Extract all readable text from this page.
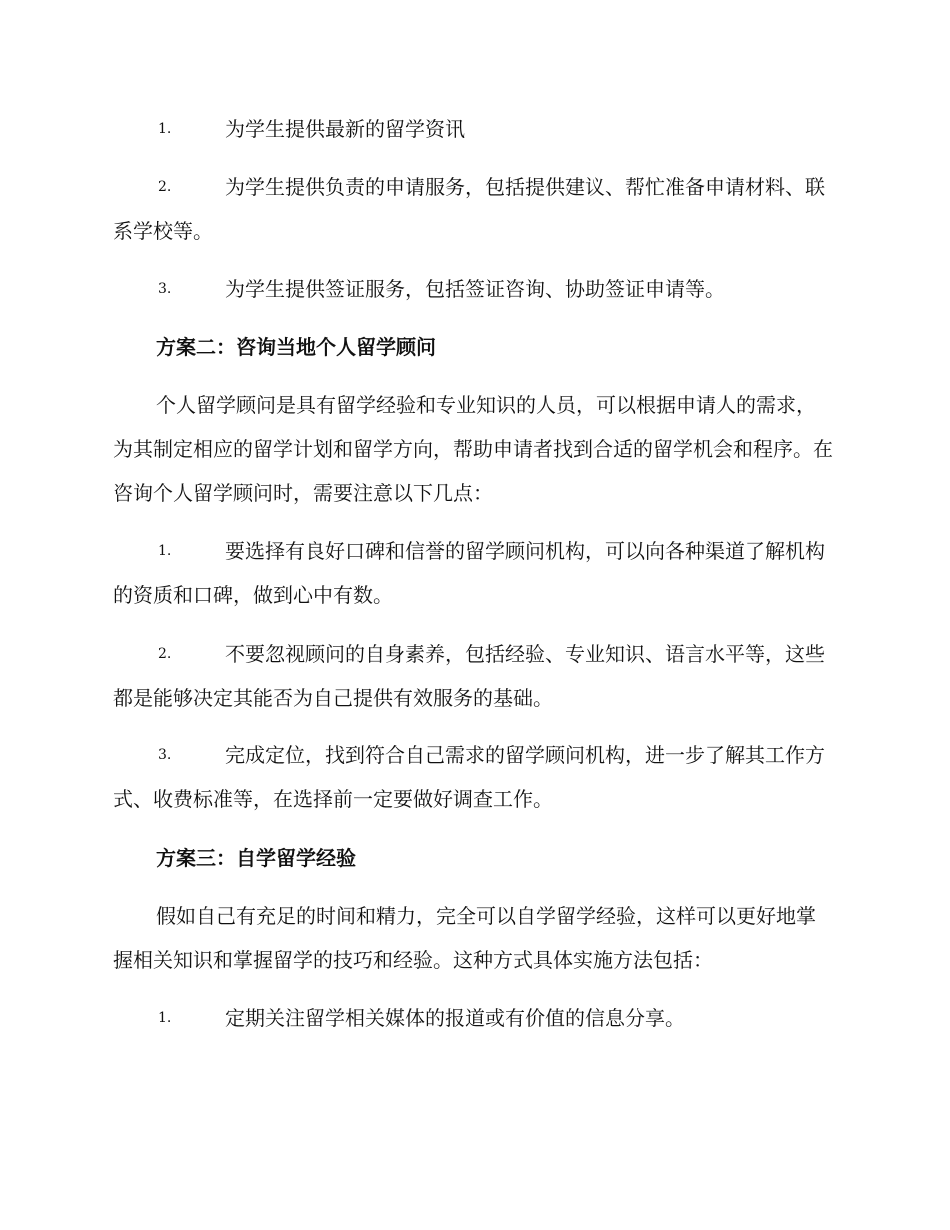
1.	为学生提供最新的留学资讯
2.	为学生提供负责的申请服务，包括提供建议、帮忙准备申请材料、联系学校等。
3.	为学生提供签证服务，包括签证咨询、协助签证申请等。
方案二：咨询当地个人留学顾问
个人留学顾问是具有留学经验和专业知识的人员，可以根据申请人的需求，为其制定相应的留学计划和留学方向，帮助申请者找到合适的留学机会和程序。在咨询个人留学顾问时，需要注意以下几点：
1.	要选择有良好口碑和信誉的留学顾问机构，可以向各种渠道了解机构的资质和口碑，做到心中有数。
2.	不要忽视顾问的自身素养，包括经验、专业知识、语言水平等，这些都是能够决定其能否为自己提供有效服务的基础。
3.	完成定位，找到符合自己需求的留学顾问机构，进一步了解其工作方式、收费标准等，在选择前一定要做好调查工作。
方案三：自学留学经验
假如自己有充足的时间和精力，完全可以自学留学经验，这样可以更好地掌握相关知识和掌握留学的技巧和经验。这种方式具体实施方法包括：
1.	定期关注留学相关媒体的报道或有价值的信息分享。
